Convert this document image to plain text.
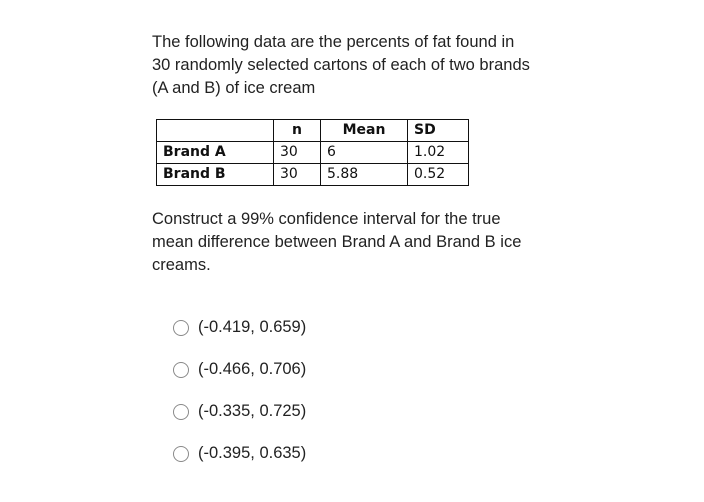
The following data are the percents of fat found in
30 randomly selected cartons of each of two brands
(A and B) of ice cream
	n	Mean	SD
Brand A	30	6	1.02
Brand B	30	5.88	0.52
Construct a 99% confidence interval for the true
mean difference between Brand A and Brand B ice
creams.
(-0.419, 0.659)
(-0.466, 0.706)
(-0.335, 0.725)
(-0.395, 0.635)
